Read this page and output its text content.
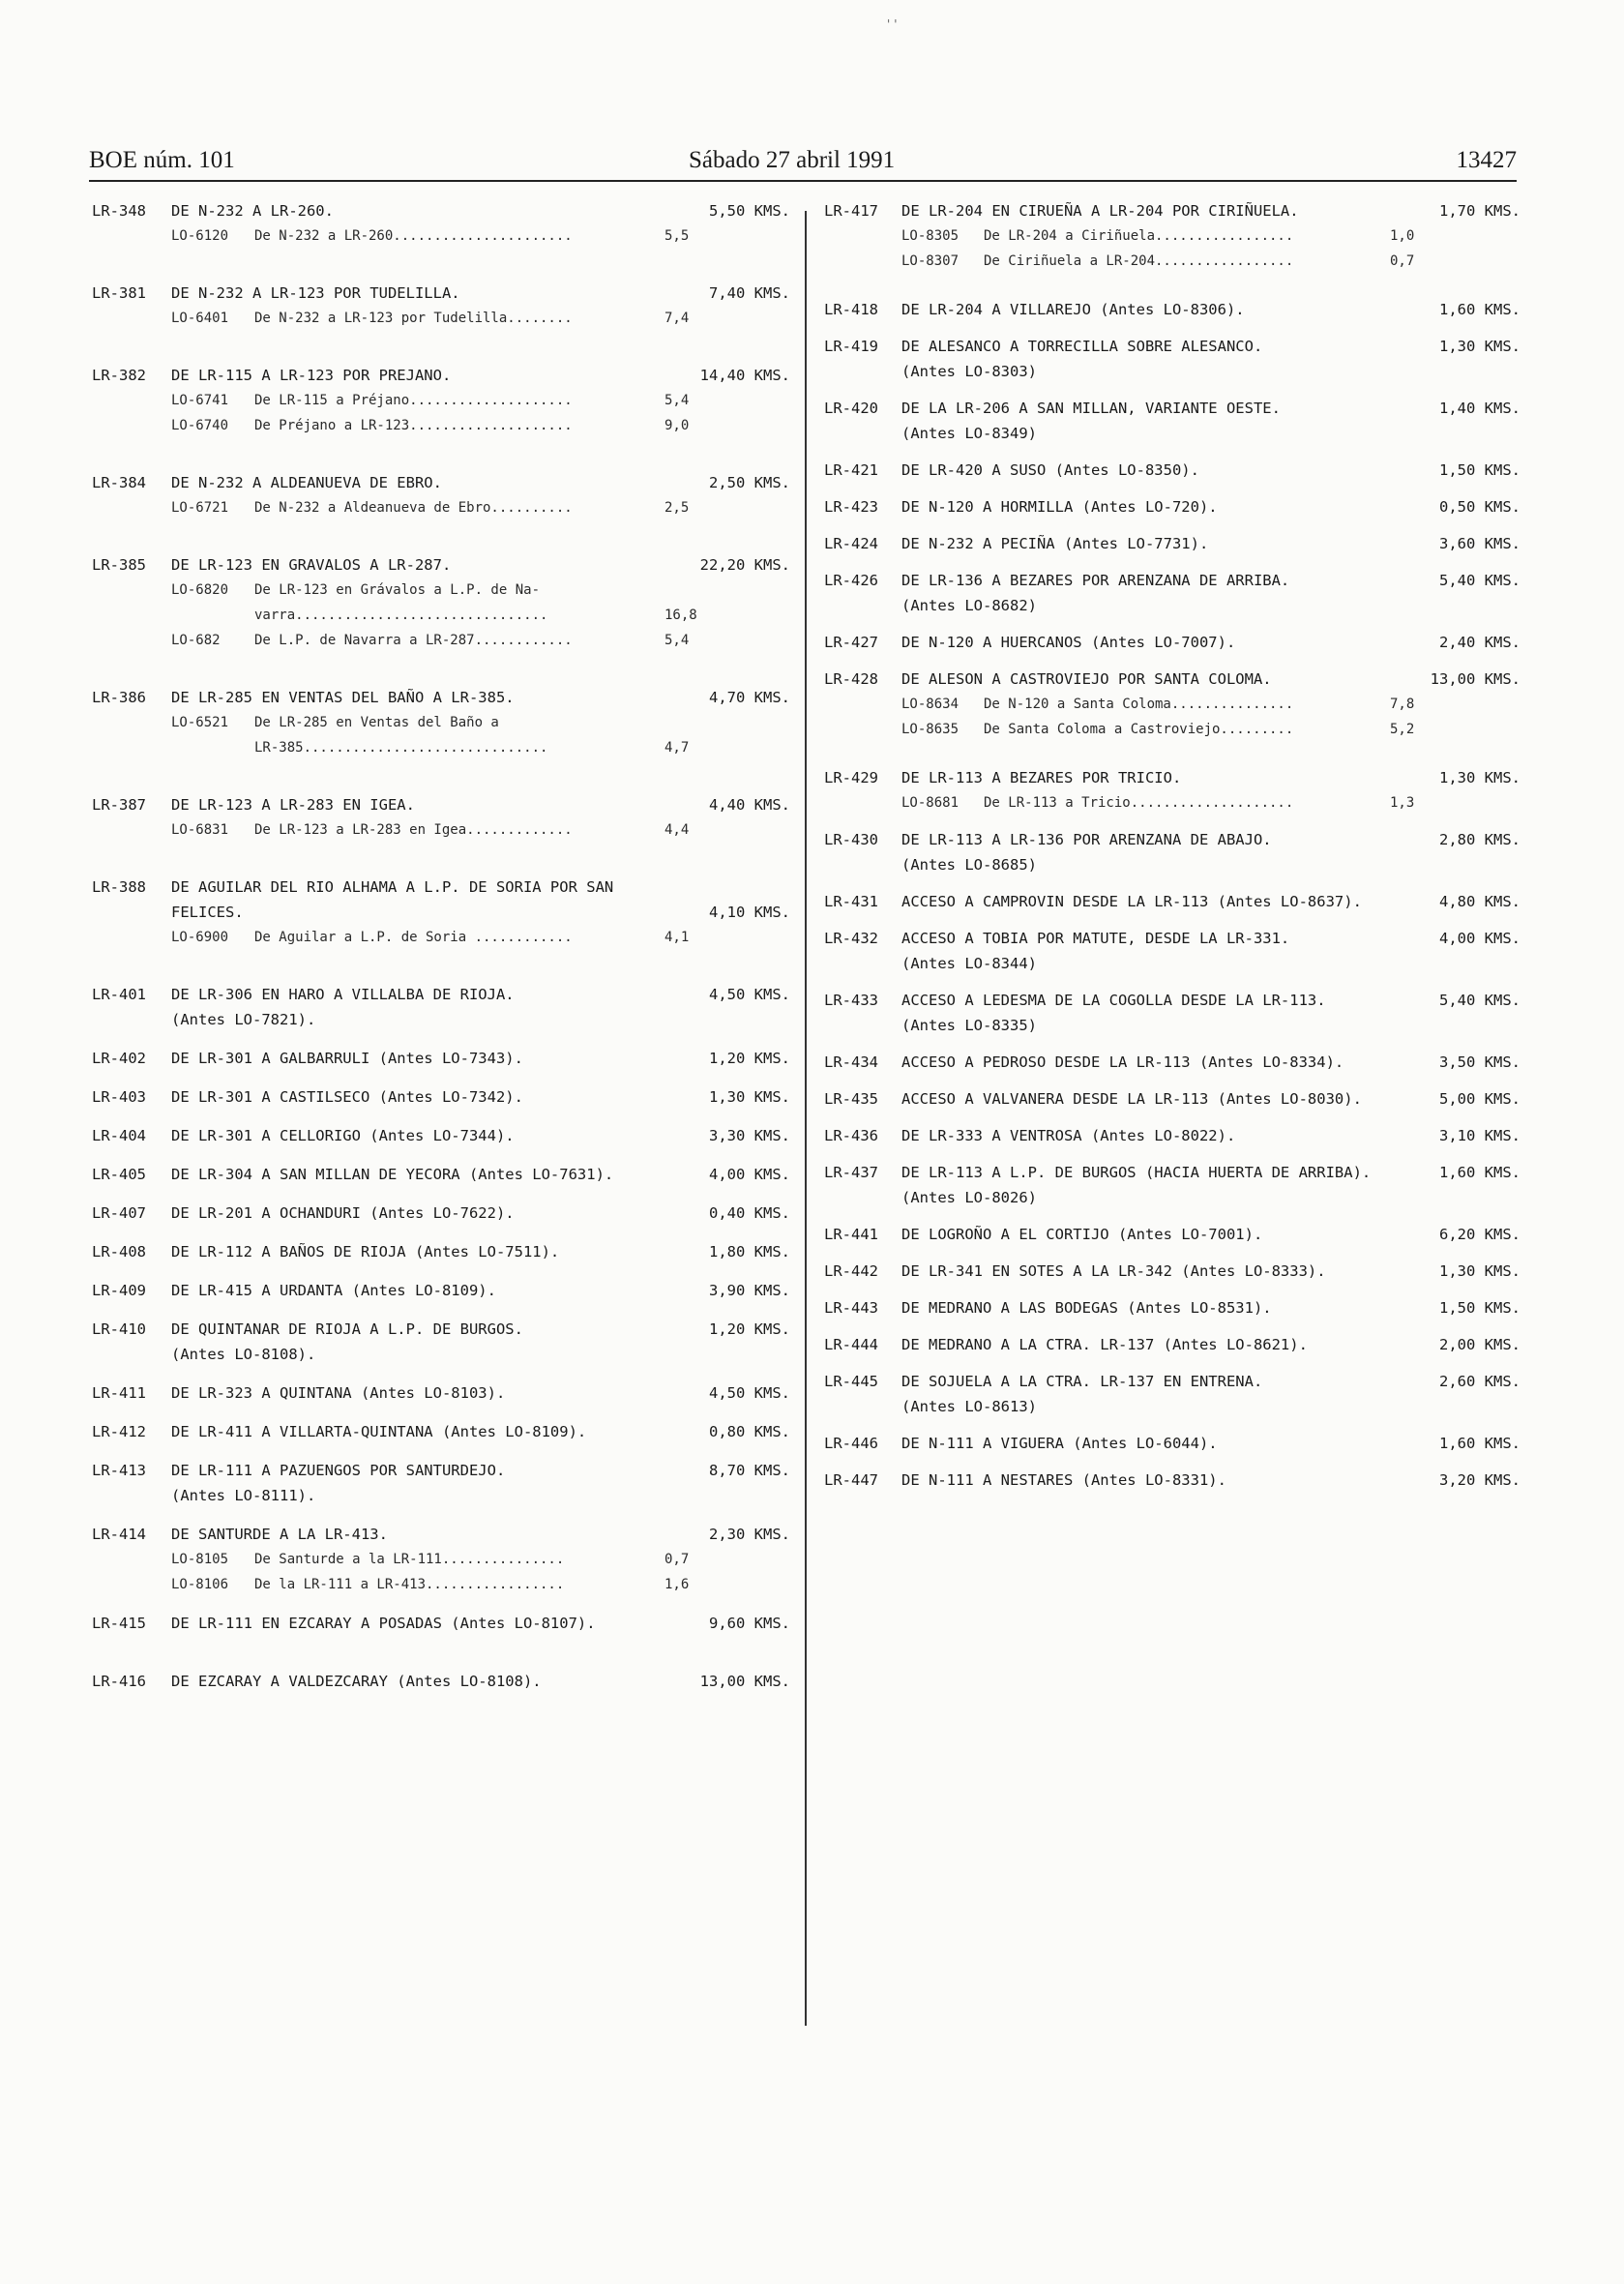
BOE núm. 101	Sábado 27 abril 1991	13427
LR-348 DE N-232 A LR-260.	5,50 KMS.
LO-6120 De N-232 a LR-260......................	5,5
LR-381 DE N-232 A LR-123 POR TUDELILLA.	7,40 KMS.
LO-6401 De N-232 a LR-123 por Tudelilla........	7,4
LR-382 DE LR-115 A LR-123 POR PREJANO.	14,40 KMS.
LO-6741 De LR-115 a Préjano....................	5,4
LO-6740 De Préjano a LR-123....................	9,0
LR-384 DE N-232 A ALDEANUEVA DE EBRO.	2,50 KMS.
LO-6721 De N-232 a Aldeanueva de Ebro..........	2,5
LR-385 DE LR-123 EN GRAVALOS A LR-287.	22,20 KMS.
LO-6820 De LR-123 en Grávalos a L.P. de Na-
varra...............................	16,8
LO-682	De L.P. de Navarra a LR-287............	5,4
LR-386 DE LR-285 EN VENTAS DEL BAÑO A LR-385.	4,70 KMS.
LO-6521 De LR-285 en Ventas del Baño a
LR-385..............................	4,7
LR-387 DE LR-123 A LR-283 EN IGEA.	4,40 KMS.
LO-6831 De LR-123 a LR-283 en Igea.............	4,4
LR-388 DE AGUILAR DEL RIO ALHAMA A L.P. DE SORIA POR SAN
FELICES.	4,10 KMS.
LO-6900 De Aguilar a L.P. de Soria ............	4,1
LR-401 DE LR-306 EN HARO A VILLALBA DE RIOJA.	4,50 KMS.
(Antes LO-7821).
LR-402 DE LR-301 A GALBARRULI (Antes LO-7343).	1,20 KMS.
LR-403 DE LR-301 A CASTILSECO (Antes LO-7342).	1,30 KMS.
LR-404 DE LR-301 A CELLORIGO (Antes LO-7344).	3,30 KMS.
LR-405 DE LR-304 A SAN MILLAN DE YECORA (Antes LO-7631).	4,00 KMS.
LR-407 DE LR-201 A OCHANDURI (Antes LO-7622).	0,40 KMS.
LR-408 DE LR-112 A BAÑOS DE RIOJA (Antes LO-7511).	1,80 KMS.
LR-409 DE LR-415 A URDANTA (Antes LO-8109).	3,90 KMS.
LR-410 DE QUINTANAR DE RIOJA A L.P. DE BURGOS.	1,20 KMS.
(Antes LO-8108).
LR-411 DE LR-323 A QUINTANA (Antes LO-8103).	4,50 KMS.
LR-412 DE LR-411 A VILLARTA-QUINTANA (Antes LO-8109).	0,80 KMS.
LR-413 DE LR-111 A PAZUENGOS POR SANTURDEJO.	8,70 KMS.
(Antes LO-8111).
LR-414 DE SANTURDE A LA LR-413.	2,30 KMS.
LO-8105 De Santurde a la LR-111...............	0,7
LO-8106 De la LR-111 a LR-413.................	1,6
LR-415 DE LR-111 EN EZCARAY A POSADAS (Antes LO-8107).	9,60 KMS.
LR-416 DE EZCARAY A VALDEZCARAY (Antes LO-8108).	13,00 KMS.
LR-417 DE LR-204 EN CIRUEÑA A LR-204 POR CIRIÑUELA.	1,70 KMS.
LO-8305 De LR-204 a Ciriñuela.................	1,0
LO-8307 De Ciriñuela a LR-204.................	0,7
LR-418 DE LR-204 A VILLAREJO (Antes LO-8306).	1,60 KMS.
LR-419 DE ALESANCO A TORRECILLA SOBRE ALESANCO.	1,30 KMS.
(Antes LO-8303)
LR-420 DE LA LR-206 A SAN MILLAN, VARIANTE OESTE.	1,40 KMS.
(Antes LO-8349)
LR-421 DE LR-420 A SUSO (Antes LO-8350).	1,50 KMS.
LR-423 DE N-120 A HORMILLA (Antes LO-720).	0,50 KMS.
LR-424 DE N-232 A PECIÑA (Antes LO-7731).	3,60 KMS.
LR-426 DE LR-136 A BEZARES POR ARENZANA DE ARRIBA.	5,40 KMS.
(Antes LO-8682)
LR-427 DE N-120 A HUERCANOS (Antes LO-7007).	2,40 KMS.
LR-428 DE ALESON A CASTROVIEJO POR SANTA COLOMA.	13,00 KMS.
LO-8634 De N-120 a Santa Coloma...............	7,8
LO-8635 De Santa Coloma a Castroviejo.........	5,2
LR-429 DE LR-113 A BEZARES POR TRICIO.	1,30 KMS.
LO-8681 De LR-113 a Tricio....................	1,3
LR-430 DE LR-113 A LR-136 POR ARENZANA DE ABAJO.	2,80 KMS.
(Antes LO-8685)
LR-431 ACCESO A CAMPROVIN DESDE LA LR-113 (Antes LO-8637).	4,80 KMS.
LR-432 ACCESO A TOBIA POR MATUTE, DESDE LA LR-331.	4,00 KMS.
(Antes LO-8344)
LR-433 ACCESO A LEDESMA DE LA COGOLLA DESDE LA LR-113.	5,40 KMS.
(Antes LO-8335)
LR-434 ACCESO A PEDROSO DESDE LA LR-113 (Antes LO-8334).	3,50 KMS.
LR-435 ACCESO A VALVANERA DESDE LA LR-113 (Antes LO-8030).	5,00 KMS.
LR-436 DE LR-333 A VENTROSA (Antes LO-8022).	3,10 KMS.
LR-437 DE LR-113 A L.P. DE BURGOS (HACIA HUERTA DE ARRIBA).	1,60 KMS.
(Antes LO-8026)
LR-441 DE LOGROÑO A EL CORTIJO (Antes LO-7001).	6,20 KMS.
LR-442 DE LR-341 EN SOTES A LA LR-342 (Antes LO-8333).	1,30 KMS.
LR-443 DE MEDRANO A LAS BODEGAS (Antes LO-8531).	1,50 KMS.
LR-444 DE MEDRANO A LA CTRA. LR-137 (Antes LO-8621).	2,00 KMS.
LR-445 DE SOJUELA A LA CTRA. LR-137 EN ENTRENA.	2,60 KMS.
(Antes LO-8613)
LR-446 DE N-111 A VIGUERA (Antes LO-6044).	1,60 KMS.
LR-447 DE N-111 A NESTARES (Antes LO-8331).	3,20 KMS.
''
